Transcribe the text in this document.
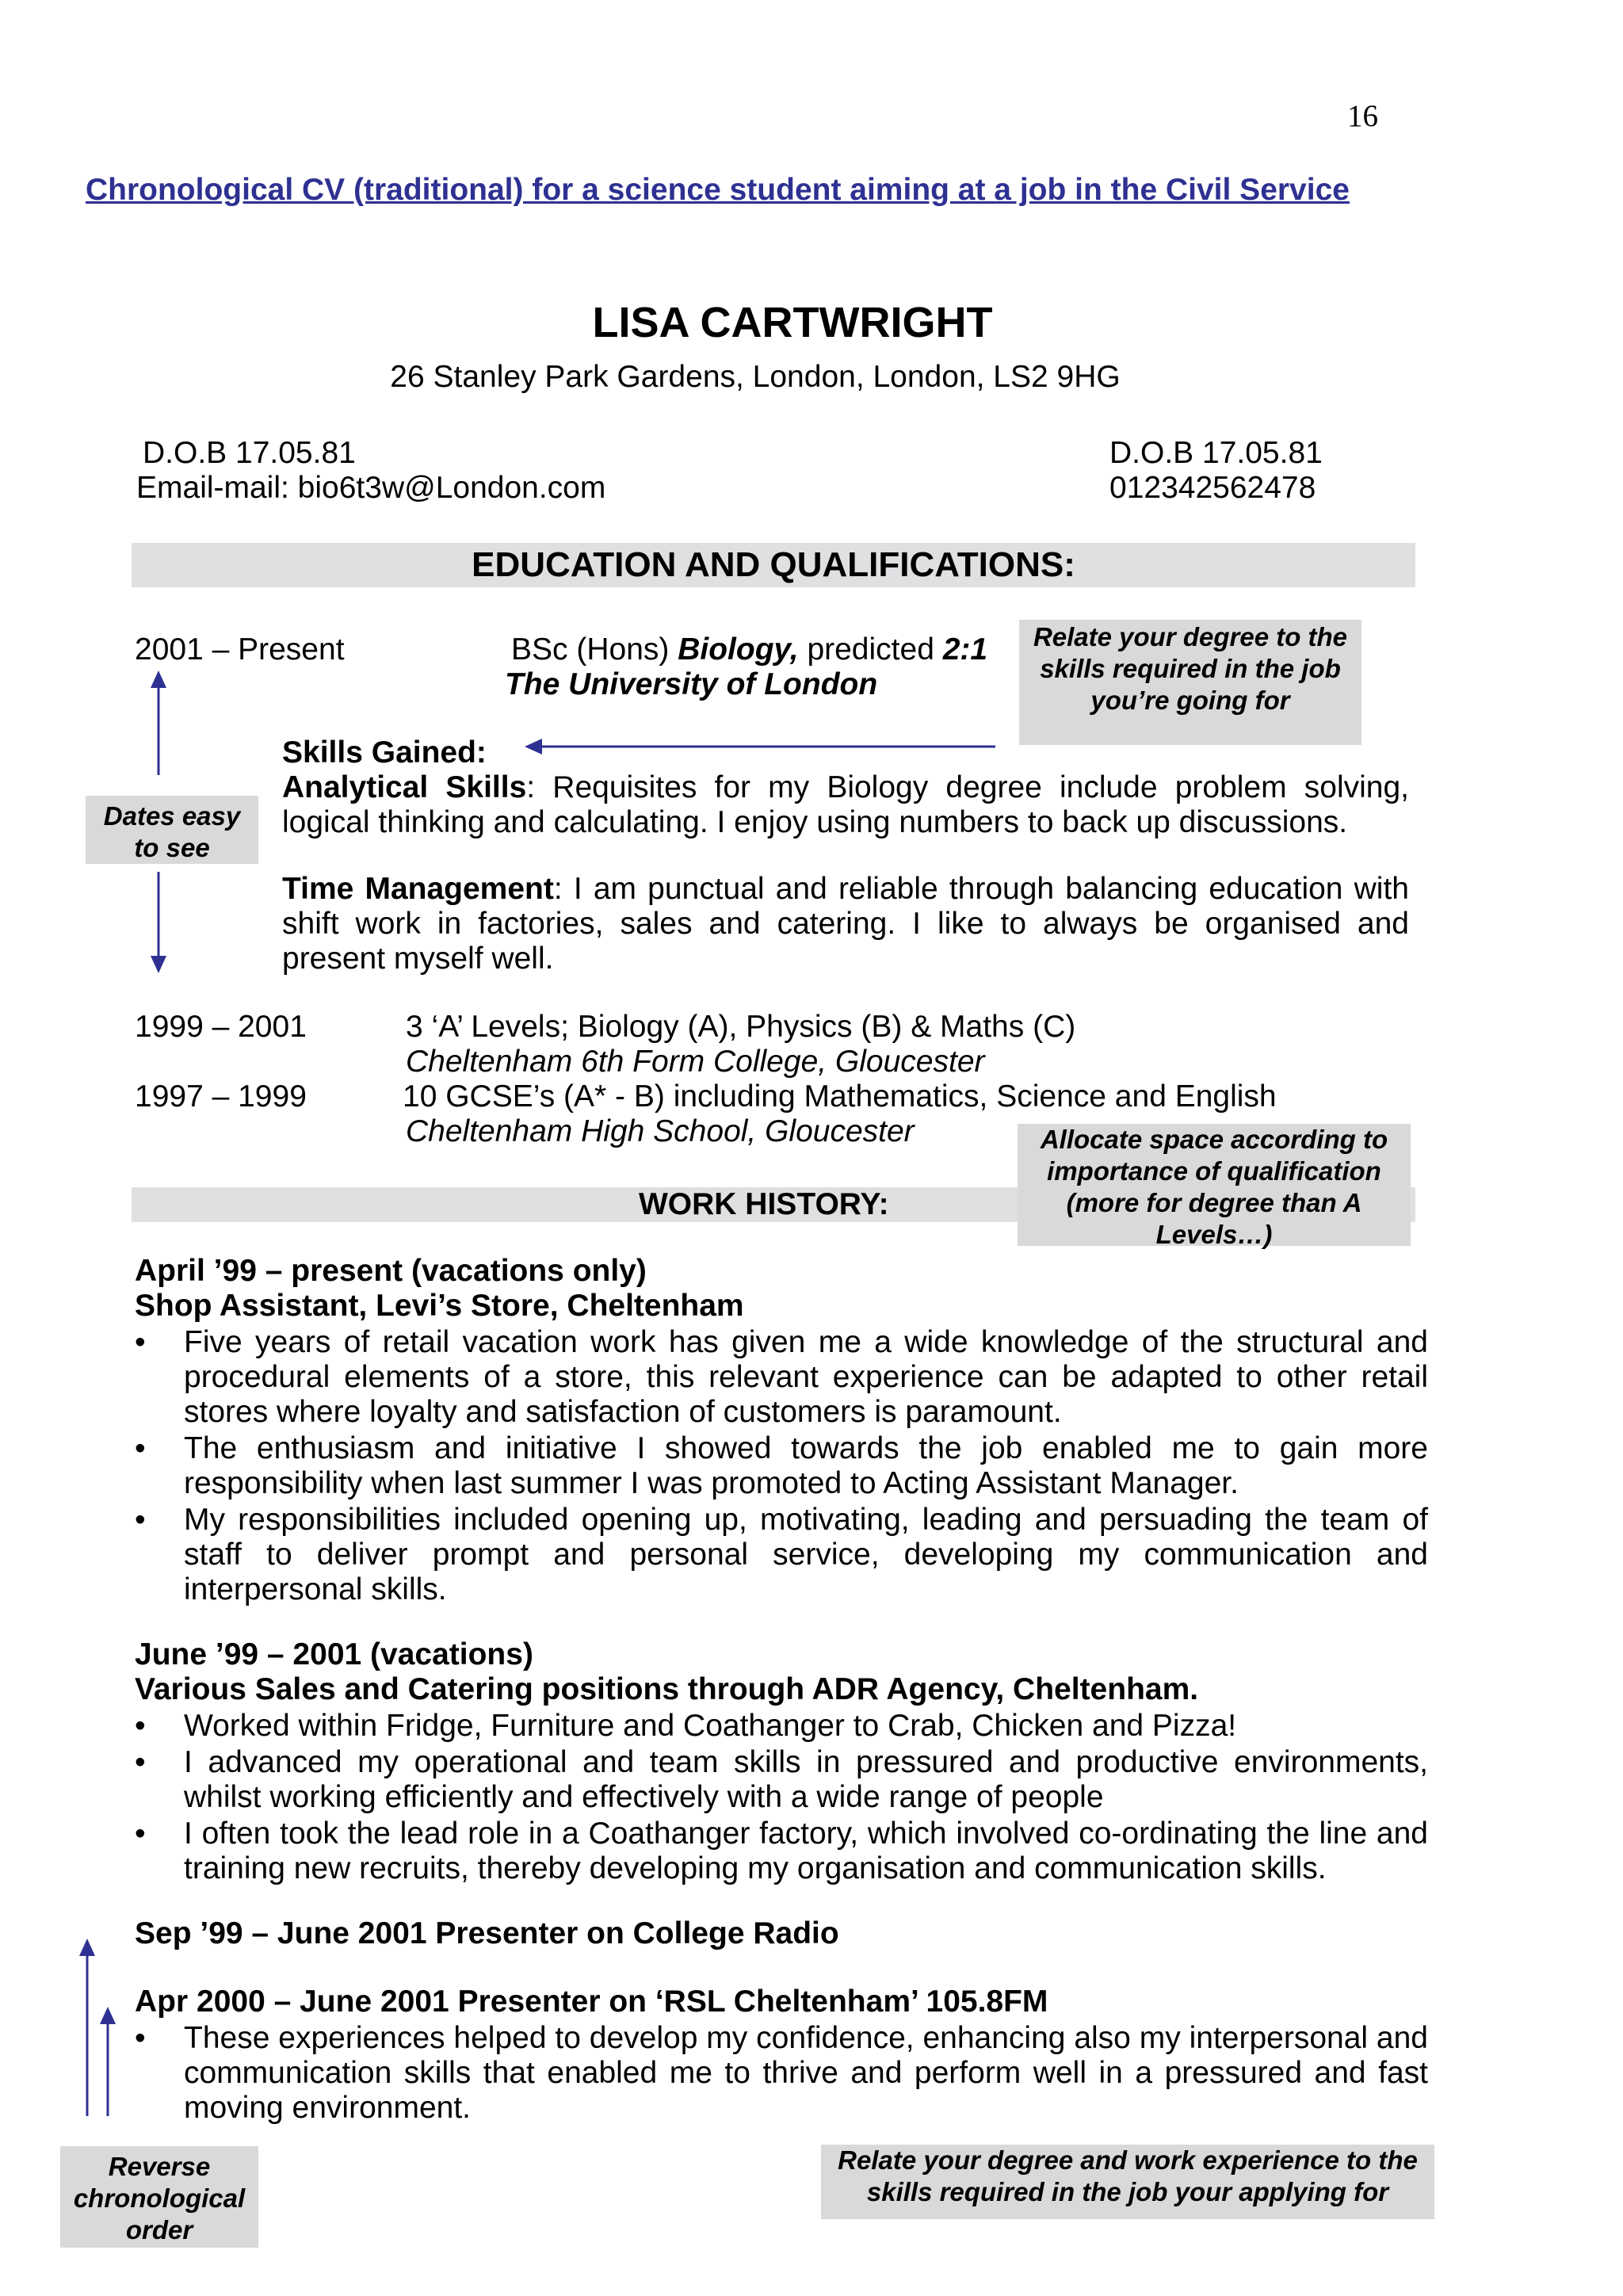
16
Chronological CV (traditional) for a science student aiming at a job in the Civil Service
LISA CARTWRIGHT
26 Stanley Park Gardens, London, London, LS2 9HG
D.O.B 17.05.81
Email-mail: bio6t3w@London.com
D.O.B 17.05.81
012342562478
EDUCATION AND QUALIFICATIONS:
2001 – Present	BSc (Hons) Biology, predicted 2:1
The University of London
Skills Gained:
Analytical Skills: Requisites for my Biology degree include problem solving, logical thinking and calculating. I enjoy using numbers to back up discussions.
Time Management: I am punctual and reliable through balancing education with shift work in factories, sales and catering. I like to always be organised and present myself well.
1999 – 2001	3 ‘A’ Levels; Biology (A), Physics (B) & Maths (C)
Cheltenham 6th Form College, Gloucester
1997 – 1999	10 GCSE’s (A* - B) including Mathematics, Science and English
Cheltenham High School, Gloucester
WORK HISTORY:
April ’99 – present (vacations only)
Shop Assistant, Levi’s Store, Cheltenham
• Five years of retail vacation work has given me a wide knowledge of the structural and procedural elements of a store, this relevant experience can be adapted to other retail stores where loyalty and satisfaction of customers is paramount.
• The enthusiasm and initiative I showed towards the job enabled me to gain more responsibility when last summer I was promoted to Acting Assistant Manager.
• My responsibilities included opening up, motivating, leading and persuading the team of staff to deliver prompt and personal service, developing my communication and interpersonal skills.
June ’99 – 2001 (vacations)
Various Sales and Catering positions through ADR Agency, Cheltenham.
• Worked within Fridge, Furniture and Coathanger to Crab, Chicken and Pizza!
• I advanced my operational and team skills in pressured and productive environments, whilst working efficiently and effectively with a wide range of people
• I often took the lead role in a Coathanger factory, which involved co-ordinating the line and training new recruits, thereby developing my organisation and communication skills.
Sep ’99 – June 2001 Presenter on College Radio
Apr 2000 – June 2001 Presenter on ‘RSL Cheltenham’ 105.8FM
• These experiences helped to develop my confidence, enhancing also my interpersonal and communication skills that enabled me to thrive and perform well in a pressured and fast moving environment.
Relate your degree to the skills required in the job you’re going for
Dates easy to see
Allocate space according to importance of qualification (more for degree than A Levels…)
Reverse chronological order
Relate your degree and work experience to the skills required in the job your applying for
